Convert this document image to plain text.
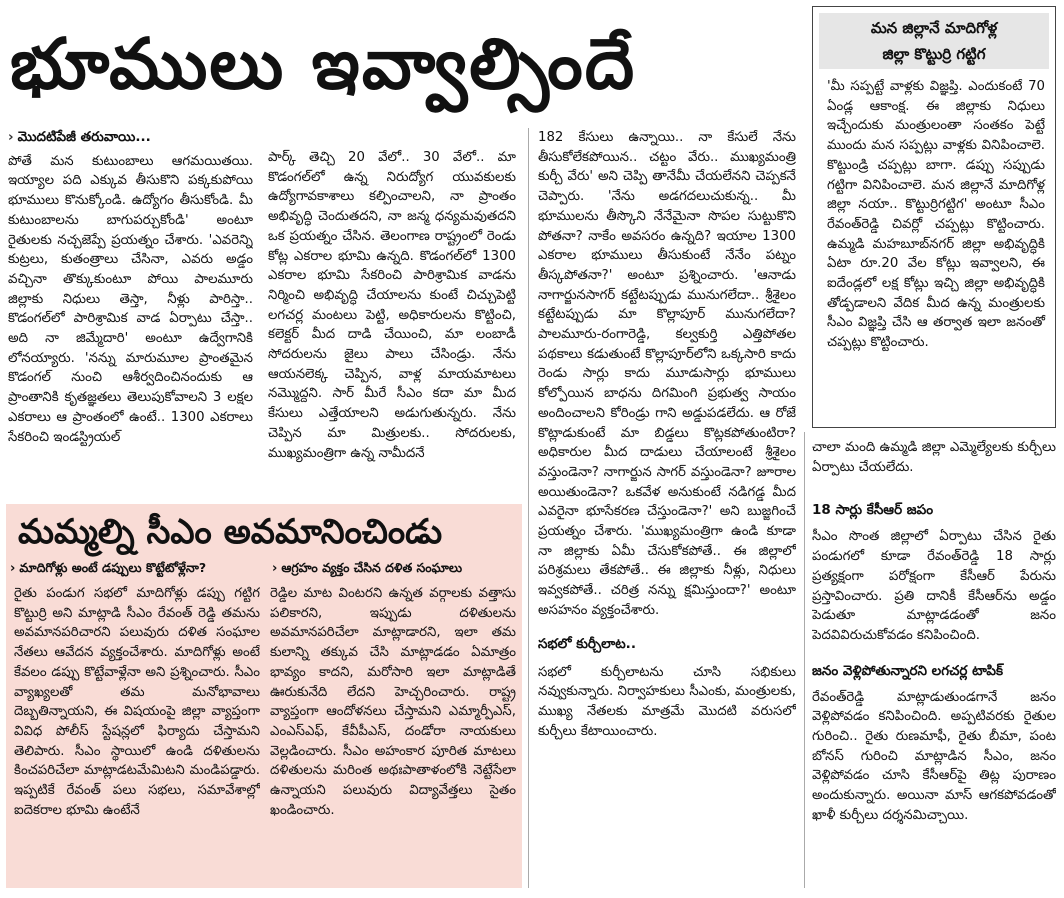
భూములు ఇవ్వాల్సిందే
› మొదటిపేజీ తరువాయి...

పోతే మన కుటుంబాలు ఆగమయితయి. ఇయ్యాల పది ఎక్కువ తీసుకొని పక్కకుపోయి భూములు కొనుక్కోండి. ఉద్యోగం తీసుకోండి. మీ కుటుంబాలను బాగుపర్చుకోండి' అంటూ రైతులకు నచ్చజెప్పే ప్రయత్నం చేశారు. 'ఎవరెన్ని కుట్రలు, కుతంత్రాలు చేసినా, ఎవరు అడ్డం వచ్చినా తొక్కుకుంటూ పోయి పాలమూరు జిల్లాకు నిధులు తెస్తా, నీళ్లు పారిస్తా.. కొడంగల్‌లో పారిశ్రామిక వాడ ఏర్పాటు చేస్తా.. అది నా జిమ్మేదారి' అంటూ ఉద్వేగానికి లోనయ్యారు. 'నన్ను మారుమూల ప్రాంతమైన కొడంగల్ నుంచి ఆశీర్వదించినందుకు ఆ ప్రాంతానికి కృతజ్ఞతలు తెలుపుకోవాలని 3 లక్షల ఎకరాలు ఆ ప్రాంతంలో ఉంటే.. 1300 ఎకరాలు సేకరించి ఇండస్ట్రియల్

పార్క్ తెచ్చి 20 వేలో.. 30 వేలో.. మా కొడంగల్‌లో ఉన్న నిరుద్యోగ యువకులకు ఉద్యోగావకాశాలు కల్పించాలని, నా ప్రాంతం అభివృద్ధి చెందుతదని, నా జన్మ ధన్యమవుతదని ఒక ప్రయత్నం చేసిన. తెలంగాణ రాష్ట్రంలో రెండు కోట్ల ఎకరాల భూమి ఉన్నది. కొడంగల్‌లో 1300 ఎకరాల భూమి సేకరించి పారిశ్రామిక వాడను నిర్మించి అభివృద్ధి చేయాలను కుంటే చిచ్చుపెట్టి లగచర్ల మంటలు పెట్టి, అధికారులను కొట్టించి, కలెక్టర్ మీద దాడి చేయించి, మా లంబాడీ సోదరులను జైలు పాలు చేసిండ్రు. నేను ఆయనలెక్క చెప్పిన, వాళ్ల మాయమాటలు నమ్మొద్దని. సార్ మీరే సీఎం కదా మా మీద కేసులు ఎత్తేయాలని అడుగుతున్నరు. నేను చెప్పిన మా మిత్రులకు.. సోదరులకు, ముఖ్యమంత్రిగా ఉన్న నామీదనే

182 కేసులు ఉన్నాయి.. నా కేసులే నేను తీసుకోలేకపోయిన.. చట్టం వేరు.. ముఖ్యమంత్రి కుర్చీ వేరు' అని చెప్పి తానేమీ చేయలేనని చెప్పకనే చెప్పారు. 'నేను అడగదలుచుకున్న.. మీ భూములను తీస్కొని నేనేమైనా సొపల సుట్టుకొని పోతనా? నాకేం అవసరం ఉన్నది? ఇయాల 1300 ఎకరాల భూములు తీసుకుంటే నేనేం పట్నం తీస్కపోతనా?' అంటూ ప్రశ్నించారు. 'ఆనాడు నాగార్జునసాగర్ కట్టేటప్పుడు మునుగలేదా.. శ్రీశైలం కట్టేటప్పుడు మా కొల్లాపూర్ మునుగలేదా? పాలమూరు-రంగారెడ్డి, కల్వకుర్తి ఎత్తిపోతల పథకాలు కడుతుంటే కొల్లాపూర్‌లోని ఒక్కసారి కాదు రెండు సార్లు కాదు మూడుసార్లు భూములు కోల్పోయిన బాధను దిగమింగి ప్రభుత్వ సాయం అందించాలని కోరిండ్రు గాని అడ్డుపడలేదు. ఆ రోజే కొట్లాడుకుంటే మా బిడ్డలు కొట్లకపోతుంటిరా? అధికారుల మీద దాడులు చేయాలంటే శ్రీశైలం వస్తుండెనా? నాగార్జున సాగర్ వస్తుండెనా? జూరాల అయితుండెనా? ఒకవేళ అనుకుంటే నడిగడ్డ మీద ఎవరైనా భూసేకరణ చేస్తుండెనా?' అని బుజ్జగించే ప్రయత్నం చేశారు. 'ముఖ్యమంత్రిగా ఉండి కూడా నా జిల్లాకు ఏమీ చేసుకోకపోతే.. ఈ జిల్లాలో పరిశ్రమలు తేకపోతే.. ఈ జిల్లాకు నీళ్లు, నిధులు ఇవ్వకపోతే.. చరిత్ర నన్ను క్షమిస్తుందా?' అంటూ అసహనం వ్యక్తంచేశారు.

సభలో కుర్చీలాట..

సభలో కుర్చీలాటను చూసి సభికులు నవ్వుకున్నారు. నిర్వాహకులు సీఎంకు, మంత్రులకు, ముఖ్య నేతలకు మాత్రమే మొదటి వరుసలో కుర్చీలు కేటాయించారు.

మన జిల్లానే మాదిగోళ్ల
జిల్లా కొట్టుర్రి గట్టిగ
'మీ సప్పట్టే వాళ్లకు విజ్ఞప్తి. ఎందుకంటే 70 ఏండ్ల ఆకాంక్ష. ఈ జిల్లాకు నిధులు ఇచ్చేందుకు మంత్రులంతా సంతకం పెట్టే ముందు మన సప్పట్లు వాళ్లకు వినిపించాలె. కొట్టుండ్రి చప్పట్లు బాగా. డప్పు సప్పుడు గట్టిగా వినిపించాలె. మన జిల్లానే మాదిగోళ్ల జిల్లా నయా.. కొట్టుర్రిగట్టిగ' అంటూ సీఎం రేవంత్‌రెడ్డి చివర్లో చప్పట్లు కొట్టించారు. ఉమ్మడి మహబూబ్‌నగర్ జిల్లా అభివృద్ధికి ఏటా రూ.20 వేల కోట్లు ఇవ్వాలని, ఈ ఐదేండ్లలో లక్ష కోట్లు ఇచ్చి జిల్లా అభివృద్ధికి తోడ్పడాలని వేదిక మీద ఉన్న మంత్రులకు సీఎం విజ్ఞప్తి చేసి ఆ తర్వాత ఇలా జనంతో చప్పట్లు కొట్టించారు.

చాలా మంది ఉమ్మడి జిల్లా ఎమ్మెల్యేలకు కుర్చీలు ఏర్పాటు చేయలేదు.

18 సార్లు కేసీఆర్ జపం

సీఎం సొంత జిల్లాలో ఏర్పాటు చేసిన రైతు పండుగలో కూడా రేవంత్‌రెడ్డి 18 సార్లు ప్రత్యక్షంగా పరోక్షంగా కేసీఆర్ పేరును ప్రస్తావించారు. ప్రతి దానికీ కేసీఆర్‌ను అడ్డం పెడుతూ మాట్లాడడంతో జనం పెదవివిరుచుకోవడం కనిపించింది.

జనం వెళ్లిపోతున్నారని లగచర్ల టాపిక్

రేవంత్‌రెడ్డి మాట్లాడుతుండగానే జనం వెళ్లిపోవడం కనిపించింది. అప్పటివరకు రైతుల గురించి.. రైతు రుణమాఫీ, రైతు బీమా, పంట బోనస్ గురించి మాట్లాడిన సీఎం, జనం వెళ్లిపోవడం చూసి కేసీఆర్‌పై తిట్ల పురాణం అందుకున్నారు. అయినా మాస్ ఆగకపోవడంతో ఖాళీ కుర్చీలు దర్శనమిచ్చాయి.

మమ్మల్ని సీఎం అవమానించిండు
› మాదిగోళ్లు అంటే డప్పులు కొట్టేటోళ్లేనా?	› ఆగ్రహం వ్యక్తం చేసిన దళిత సంఘాలు

రైతు పండుగ సభలో మాదిగోళ్లు డప్పు గట్టిగ కొట్టుర్రి అని మాట్లాడి సీఎం రేవంత్ రెడ్డి తమను అవమానపరిచారని పలువురు దళిత సంఘాల నేతలు ఆవేదన వ్యక్తంచేశారు. మాదిగోళ్లు అంటే కేవలం డప్పు కొట్టేవాళ్లేనా అని ప్రశ్నించారు. సీఎం వ్యాఖ్యలతో తమ మనోభావాలు దెబ్బతిన్నాయని, ఈ విషయంపై జిల్లా వ్యాప్తంగా వివిధ పోలీస్ స్టేషన్లలో ఫిర్యాదు చేస్తామని తెలిపారు. సీఎం స్థాయిలో ఉండి దళితులను కించపరిచేలా మాట్లాడటమేమిటని మండిపడ్డారు. ఇప్పటికే రేవంత్ పలు సభలు, సమావేశాల్లో ఐదెకరాల భూమి ఉంటేనే

రెడ్డిల మాట వింటరని ఉన్నత వర్గాలకు వత్తాసు పలికారని, ఇప్పుడు దళితులను అవమానపరిచేలా మాట్లాడారని, ఇలా తమ కులాన్ని తక్కువ చేసి మాట్లాడడం ఏమాత్రం భావ్యం కాదని, మరోసారి ఇలా మాట్లాడితే ఊరుకునేది లేదని హెచ్చరించారు. రాష్ట్ర వ్యాప్తంగా ఆందోళనలు చేస్తామని ఎమ్మార్పీఎస్, ఎంఎస్ఎఫ్, కేవీపీఎస్, దండోరా నాయకులు వెల్లడించారు. సీఎం అహంకార పూరిత మాటలు దళితులను మరింత అథఃపాతాళంలోకి నెట్టేసేలా ఉన్నాయని పలువురు విద్యావేత్తలు సైతం ఖండించారు.
